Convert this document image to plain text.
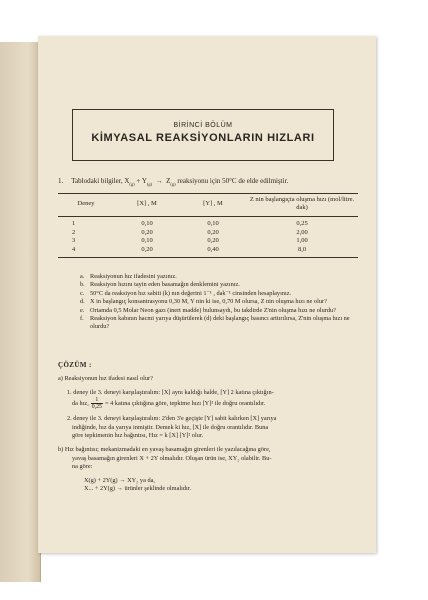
BİRİNCİ BÖLÜM
KİMYASAL REAKSİYONLARIN HIZLARI
1. Tablodaki bilgiler, $X_{(g)} + Y_{(g)} \to Z_{(g)}$ reaksiyonu için 50°C de elde edilmiştir.
Deney	[X] , M	[Y] , M	Z nin başlangıçta oluşma hızı (mol/litre. dak)
1	0,10	0,10	0,25
2	0,20	0,20	2,00
3	0,10	0,20	1,00
4	0,20	0,40	8,0
a. Reaksiyonun hız ifadesini yazınız.
b. Reaksiyon hızını tayin eden basamağın denklemini yazınız.
c. 50°C da reaksiyon hız sabiti (k) nın değerini 1⁻¹ , dak⁻¹ cinsinden hesaplayınız.
d. X in başlangıç konsantrasyonu 0,30 M, Y nin ki ise, 0,70 M olursa, Z nin oluşma hızı ne olur?
e. Ortamda 0,5 Molar Neon gazı (inert madde) bulunsaydı, bu takdirde Z'nin oluşma hızı ne olurdu?
f.	Reaksiyon kabının hacmi yarıya düşürülerek (d) deki başlangıç basıncı arttırılırsa, Z'nin oluşma hızı ne olurdu?
ÇÖZÜM :

a) Reaksiyonun hız ifadesi nasıl olur?

1. deney ile 3. deneyi karşılaştıralım: [X] aynı kaldığı halde, [Y] 2 katına çıktığın-

da hız, $\frac{1}{0,25} = 4$ katına çıktığına göre, tepkime hızı [Y]² ile doğru orantılıdır.

2. deney ile 3. deneyi karşılaştıralım: 2'den 3'e geçişte [Y] sabit kalırken [X] yarıya

indiğinde, hız da yarıya inmiştir. Demek ki hız, [X] ile doğru orantılıdır. Buna

göre tepkimenin hız bağıntısı, Hız = k [X] [Y]² olur.

b) Hız bağıntısı; mekanizmadaki en yavaş basamağın girenleri ile yazılacağına göre,

yavaş basamağın girenleri X + 2Y olmalıdır. Oluşan ürün ise, XY₂ olabilir. Bu-

na göre:

X(g) + 2Y(g) → XY₂ ya da,

X... + 2Y(g) → ürünler şeklinde olmalıdır.
